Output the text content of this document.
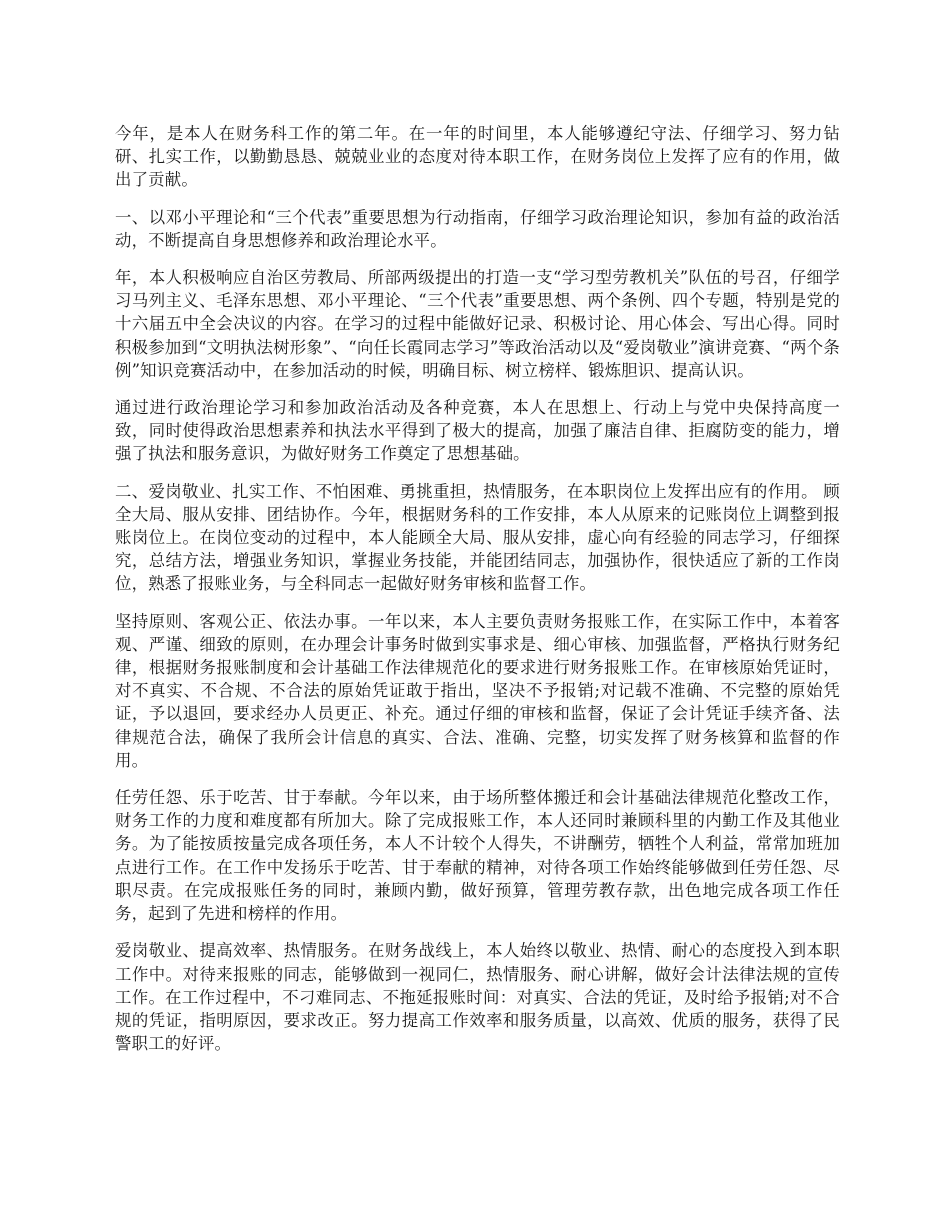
今年，是本人在财务科工作的第二年。在一年的时间里，本人能够遵纪守法、仔细学习、努力钻研、扎实工作，以勤勤恳恳、兢兢业业的态度对待本职工作，在财务岗位上发挥了应有的作用，做出了贡献。

一、以邓小平理论和“三个代表”重要思想为行动指南，仔细学习政治理论知识，参加有益的政治活动，不断提高自身思想修养和政治理论水平。

年，本人积极响应自治区劳教局、所部两级提出的打造一支“学习型劳教机关”队伍的号召，仔细学习马列主义、毛泽东思想、邓小平理论、“三个代表”重要思想、两个条例、四个专题，特别是党的十六届五中全会决议的内容。在学习的过程中能做好记录、积极讨论、用心体会、写出心得。同时积极参加到“文明执法树形象”、“向任长霞同志学习”等政治活动以及“爱岗敬业”演讲竞赛、“两个条例”知识竞赛活动中，在参加活动的时候，明确目标、树立榜样、锻炼胆识、提高认识。

通过进行政治理论学习和参加政治活动及各种竞赛，本人在思想上、行动上与党中央保持高度一致，同时使得政治思想素养和执法水平得到了极大的提高，加强了廉洁自律、拒腐防变的能力，增强了执法和服务意识，为做好财务工作奠定了思想基础。

二、爱岗敬业、扎实工作、不怕困难、勇挑重担，热情服务，在本职岗位上发挥出应有的作用。 顾全大局、服从安排、团结协作。今年，根据财务科的工作安排，本人从原来的记账岗位上调整到报账岗位上。在岗位变动的过程中，本人能顾全大局、服从安排，虚心向有经验的同志学习，仔细探究，总结方法，增强业务知识，掌握业务技能，并能团结同志，加强协作，很快适应了新的工作岗位，熟悉了报账业务，与全科同志一起做好财务审核和监督工作。

坚持原则、客观公正、依法办事。一年以来，本人主要负责财务报账工作，在实际工作中，本着客观、严谨、细致的原则，在办理会计事务时做到实事求是、细心审核、加强监督，严格执行财务纪律，根据财务报账制度和会计基础工作法律规范化的要求进行财务报账工作。在审核原始凭证时，对不真实、不合规、不合法的原始凭证敢于指出，坚决不予报销;对记载不准确、不完整的原始凭证，予以退回，要求经办人员更正、补充。通过仔细的审核和监督，保证了会计凭证手续齐备、法律规范合法，确保了我所会计信息的真实、合法、准确、完整，切实发挥了财务核算和监督的作用。

任劳任怨、乐于吃苦、甘于奉献。今年以来，由于场所整体搬迁和会计基础法律规范化整改工作，财务工作的力度和难度都有所加大。除了完成报账工作，本人还同时兼顾科里的内勤工作及其他业务。为了能按质按量完成各项任务，本人不计较个人得失，不讲酬劳，牺牲个人利益，常常加班加点进行工作。在工作中发扬乐于吃苦、甘于奉献的精神，对待各项工作始终能够做到任劳任怨、尽职尽责。在完成报账任务的同时，兼顾内勤，做好预算，管理劳教存款，出色地完成各项工作任务，起到了先进和榜样的作用。

爱岗敬业、提高效率、热情服务。在财务战线上，本人始终以敬业、热情、耐心的态度投入到本职工作中。对待来报账的同志，能够做到一视同仁，热情服务、耐心讲解，做好会计法律法规的宣传工作。在工作过程中，不刁难同志、不拖延报账时间：对真实、合法的凭证，及时给予报销;对不合规的凭证，指明原因，要求改正。努力提高工作效率和服务质量，以高效、优质的服务，获得了民警职工的好评。
